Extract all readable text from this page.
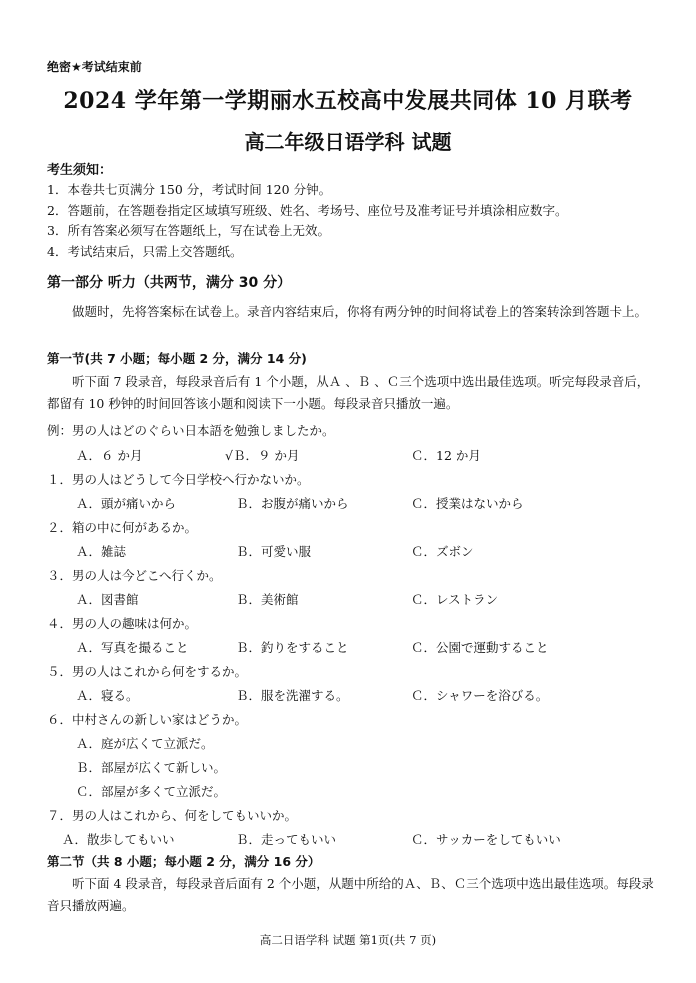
绝密★考试结束前
2024 学年第一学期丽水五校高中发展共同体 10 月联考
高二年级日语学科 试题
考生须知：
1．本卷共七页满分 150 分，考试时间 120 分钟。
2．答题前，在答题卷指定区域填写班级、姓名、考场号、座位号及准考证号并填涂相应数字。
3．所有答案必须写在答题纸上，写在试卷上无效。
4．考试结束后，只需上交答题纸。
第一部分 听力（共两节，满分 30 分）
做题时，先将答案标在试卷上。录音内容结束后，你将有两分钟的时间将试卷上的答案转涂到答题卡上。
第一节(共 7 小题；每小题 2 分，满分 14 分)
听下面 7 段录音，每段录音后有 1 个小题，从Ａ 、Ｂ 、Ｃ三个选项中选出最佳选项。听完每段录音后，都留有 10 秒钟的时间回答该小题和阅读下一小题。每段录音只播放一遍。
例：男の人はどのぐらい日本語を勉強しましたか。
Ａ．６ か月	√Ｂ．９ か月	Ｃ．12 か月
１．男の人はどうして今日学校へ行かないか。
Ａ．頭が痛いから	Ｂ．お腹が痛いから	Ｃ．授業はないから
２．箱の中に何があるか。
Ａ．雑誌	Ｂ．可愛い服	Ｃ．ズボン
３．男の人は今どこへ行くか。
Ａ．図書館	Ｂ．美術館	Ｃ．レストラン
４．男の人の趣味は何か。
Ａ．写真を撮ること	Ｂ．釣りをすること	Ｃ．公園で運動すること
５．男の人はこれから何をするか。
Ａ．寝る。	Ｂ．服を洗濯する。	Ｃ．シャワーを浴びる。
６．中村さんの新しい家はどうか。
Ａ．庭が広くて立派だ。
Ｂ．部屋が広くて新しい。
Ｃ．部屋が多くて立派だ。
７．男の人はこれから、何をしてもいいか。
Ａ．散歩してもいい	Ｂ．走ってもいい	Ｃ．サッカーをしてもいい
第二节（共 8 小题；每小题 2 分，满分 16 分）
听下面 4 段录音，每段录音后面有 2 个小题，从题中所给的Ａ、Ｂ、Ｃ三个选项中选出最佳选项。每段录音只播放两遍。
高二日语学科 试题 第1页(共 7 页)
